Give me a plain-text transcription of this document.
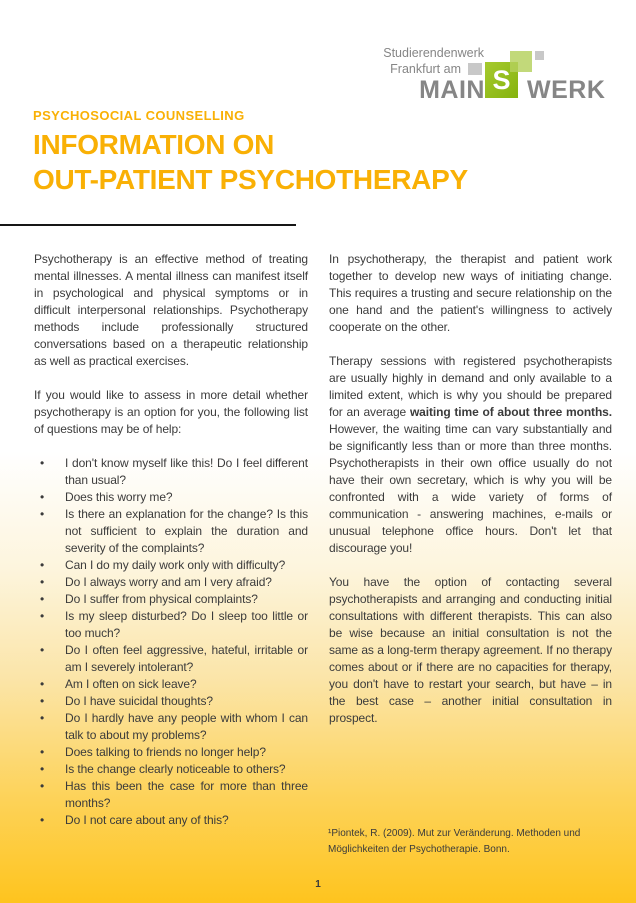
Studierendenwerk
Frankfurt am S
MAIN WERK
PSYCHOSOCIAL COUNSELLING
INFORMATION ON
OUT-PATIENT PSYCHOTHERAPY

Psychotherapy is an effective method of treating mental illnesses. A mental illness can manifest itself in psychological and physical symptoms or in difficult interpersonal relationships. Psychotherapy methods include professionally structured conversations based on a therapeutic relationship as well as practical exercises.

If you would like to assess in more detail whether psychotherapy is an option for you, the following list of questions may be of help:

• I don't know myself like this! Do I feel different than usual?
• Does this worry me?
• Is there an explanation for the change? Is this not sufficient to explain the duration and severity of the complaints?
• Can I do my daily work only with difficulty?
• Do I always worry and am I very afraid?
• Do I suffer from physical complaints?
• Is my sleep disturbed? Do I sleep too little or too much?
• Do I often feel aggressive, hateful, irritable or am I severely intolerant?
• Am I often on sick leave?
• Do I have suicidal thoughts?
• Do I hardly have any people with whom I can talk to about my problems?
• Does talking to friends no longer help?
• Is the change clearly noticeable to others?
• Has this been the case for more than three months?
• Do I not care about any of this?

In psychotherapy, the therapist and patient work together to develop new ways of initiating change. This requires a trusting and secure relationship on the one hand and the patient's willingness to actively cooperate on the other.

Therapy sessions with registered psychotherapists are usually highly in demand and only available to a limited extent, which is why you should be prepared for an average waiting time of about three months. However, the waiting time can vary substantially and be significantly less than or more than three months. Psychotherapists in their own office usually do not have their own secretary, which is why you will be confronted with a wide variety of forms of communication - answering machines, e-mails or unusual telephone office hours. Don't let that discourage you!

You have the option of contacting several psychotherapists and arranging and conducting initial consultations with different therapists. This can also be wise because an initial consultation is not the same as a long-term therapy agreement. If no therapy comes about or if there are no capacities for therapy, you don't have to restart your search, but have – in the best case – another initial consultation in prospect.

¹Piontek, R. (2009). Mut zur Veränderung. Methoden und Möglichkeiten der Psychotherapie. Bonn.
1
